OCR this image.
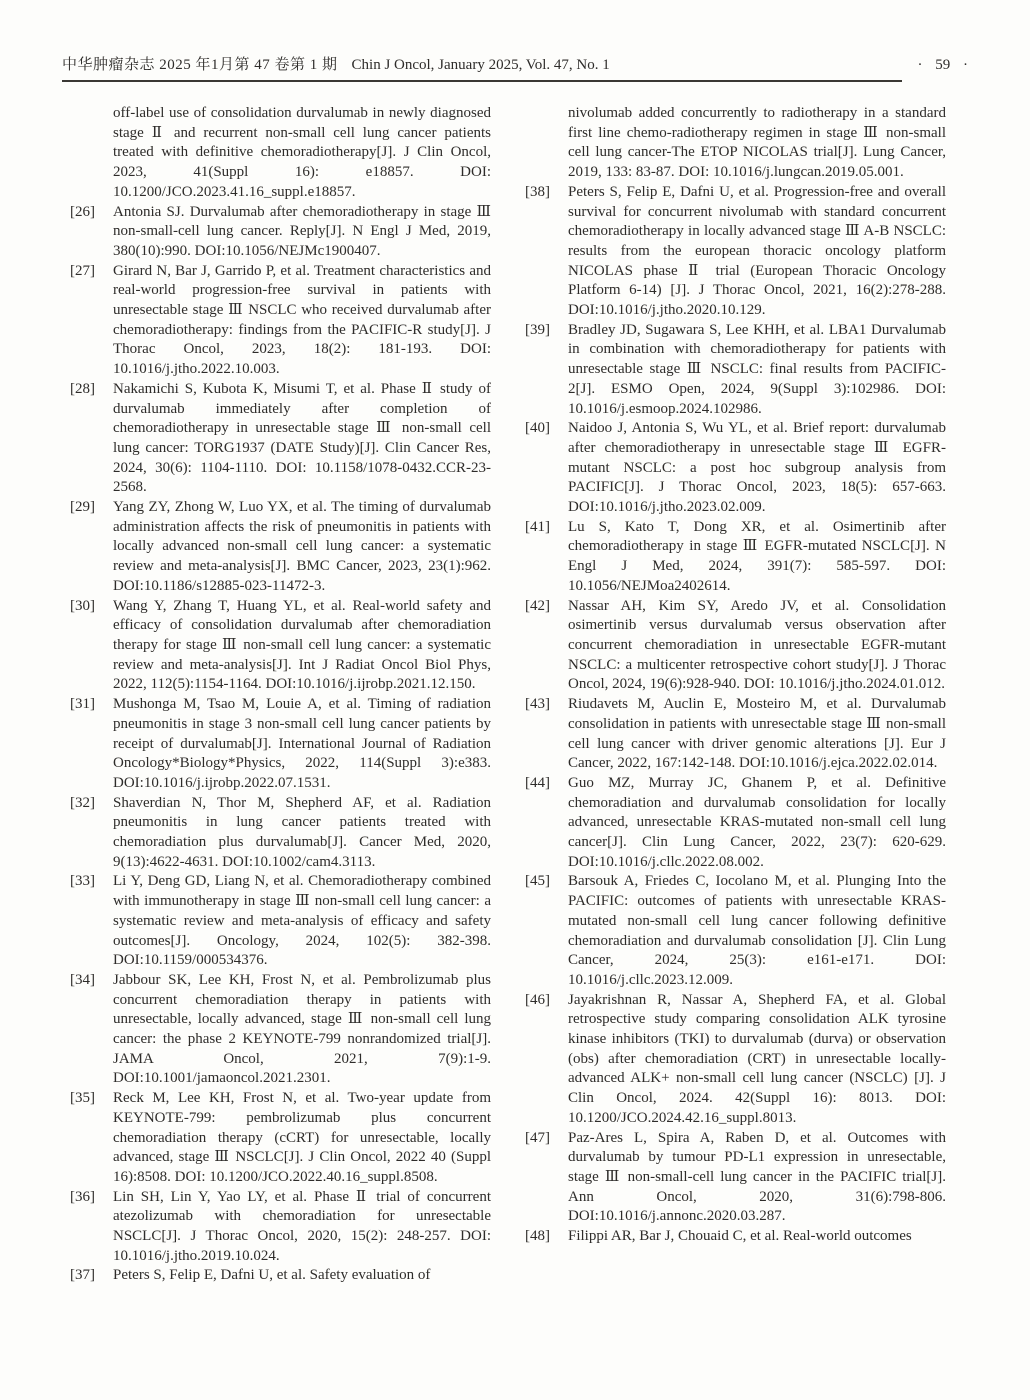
中华肿瘤杂志 2025 年1月第 47 卷第 1 期 Chin J Oncol, January 2025, Vol. 47, No. 1	· 59 ·
off-label use of consolidation durvalumab in newly diagnosed stage Ⅱ and recurrent non-small cell lung cancer patients treated with definitive chemoradiotherapy[J]. J Clin Oncol, 2023, 41(Suppl 16): e18857. DOI: 10.1200/JCO.2023.41.16_suppl.e18857.
[26]	Antonia SJ. Durvalumab after chemoradiotherapy in stage Ⅲ non-small-cell lung cancer. Reply[J]. N Engl J Med, 2019, 380(10):990. DOI:10.1056/NEJMc1900407.
[27]	Girard N, Bar J, Garrido P, et al. Treatment characteristics and real-world progression-free survival in patients with unresectable stage Ⅲ NSCLC who received durvalumab after chemoradiotherapy: findings from the PACIFIC-R study[J]. J Thorac Oncol, 2023, 18(2): 181-193. DOI: 10.1016/j.jtho.2022.10.003.
[28]	Nakamichi S, Kubota K, Misumi T, et al. Phase Ⅱ study of durvalumab immediately after completion of chemoradiotherapy in unresectable stage Ⅲ non-small cell lung cancer: TORG1937 (DATE Study)[J]. Clin Cancer Res, 2024, 30(6): 1104-1110. DOI: 10.1158/1078-0432.CCR-23-2568.
[29]	Yang ZY, Zhong W, Luo YX, et al. The timing of durvalumab administration affects the risk of pneumonitis in patients with locally advanced non-small cell lung cancer: a systematic review and meta-analysis[J]. BMC Cancer, 2023, 23(1):962. DOI:10.1186/s12885-023-11472-3.
[30]	Wang Y, Zhang T, Huang YL, et al. Real-world safety and efficacy of consolidation durvalumab after chemoradiation therapy for stage Ⅲ non-small cell lung cancer: a systematic review and meta-analysis[J]. Int J Radiat Oncol Biol Phys, 2022, 112(5):1154-1164. DOI:10.1016/j.ijrobp.2021.12.150.
[31]	Mushonga M, Tsao M, Louie A, et al. Timing of radiation pneumonitis in stage 3 non-small cell lung cancer patients by receipt of durvalumab[J]. International Journal of Radiation Oncology*Biology*Physics, 2022, 114(Suppl 3):e383. DOI:10.1016/j.ijrobp.2022.07.1531.
[32]	Shaverdian N, Thor M, Shepherd AF, et al. Radiation pneumonitis in lung cancer patients treated with chemoradiation plus durvalumab[J]. Cancer Med, 2020, 9(13):4622-4631. DOI:10.1002/cam4.3113.
[33]	Li Y, Deng GD, Liang N, et al. Chemoradiotherapy combined with immunotherapy in stage Ⅲ non-small cell lung cancer: a systematic review and meta-analysis of efficacy and safety outcomes[J]. Oncology, 2024, 102(5): 382-398. DOI:10.1159/000534376.
[34]	Jabbour SK, Lee KH, Frost N, et al. Pembrolizumab plus concurrent chemoradiation therapy in patients with unresectable, locally advanced, stage Ⅲ non-small cell lung cancer: the phase 2 KEYNOTE-799 nonrandomized trial[J]. JAMA Oncol, 2021, 7(9):1-9. DOI:10.1001/jamaoncol.2021.2301.
[35]	Reck M, Lee KH, Frost N, et al. Two-year update from KEYNOTE-799: pembrolizumab plus concurrent chemoradiation therapy (cCRT) for unresectable, locally advanced, stage Ⅲ NSCLC[J]. J Clin Oncol, 2022 40 (Suppl 16):8508. DOI: 10.1200/JCO.2022.40.16_suppl.8508.
[36]	Lin SH, Lin Y, Yao LY, et al. Phase Ⅱ trial of concurrent atezolizumab with chemoradiation for unresectable NSCLC[J]. J Thorac Oncol, 2020, 15(2): 248-257. DOI: 10.1016/j.jtho.2019.10.024.
[37]	Peters S, Felip E, Dafni U, et al. Safety evaluation of
nivolumab added concurrently to radiotherapy in a standard first line chemo-radiotherapy regimen in stage Ⅲ non-small cell lung cancer-The ETOP NICOLAS trial[J]. Lung Cancer, 2019, 133: 83-87. DOI: 10.1016/j.lungcan.2019.05.001.
[38]	Peters S, Felip E, Dafni U, et al. Progression-free and overall survival for concurrent nivolumab with standard concurrent chemoradiotherapy in locally advanced stage Ⅲ A-B NSCLC: results from the european thoracic oncology platform NICOLAS phase Ⅱ trial (European Thoracic Oncology Platform 6-14) [J]. J Thorac Oncol, 2021, 16(2):278-288. DOI:10.1016/j.jtho.2020.10.129.
[39]	Bradley JD, Sugawara S, Lee KHH, et al. LBA1 Durvalumab in combination with chemoradiotherapy for patients with unresectable stage Ⅲ NSCLC: final results from PACIFIC-2[J]. ESMO Open, 2024, 9(Suppl 3):102986. DOI: 10.1016/j.esmoop.2024.102986.
[40]	Naidoo J, Antonia S, Wu YL, et al. Brief report: durvalumab after chemoradiotherapy in unresectable stage Ⅲ EGFR-mutant NSCLC: a post hoc subgroup analysis from PACIFIC[J]. J Thorac Oncol, 2023, 18(5): 657-663. DOI:10.1016/j.jtho.2023.02.009.
[41]	Lu S, Kato T, Dong XR, et al. Osimertinib after chemoradiotherapy in stage Ⅲ EGFR-mutated NSCLC[J]. N Engl J Med, 2024, 391(7): 585-597. DOI: 10.1056/NEJMoa2402614.
[42]	Nassar AH, Kim SY, Aredo JV, et al. Consolidation osimertinib versus durvalumab versus observation after concurrent chemoradiation in unresectable EGFR-mutant NSCLC: a multicenter retrospective cohort study[J]. J Thorac Oncol, 2024, 19(6):928-940. DOI: 10.1016/j.jtho.2024.01.012.
[43]	Riudavets M, Auclin E, Mosteiro M, et al. Durvalumab consolidation in patients with unresectable stage Ⅲ non-small cell lung cancer with driver genomic alterations [J]. Eur J Cancer, 2022, 167:142-148. DOI:10.1016/j.ejca.2022.02.014.
[44]	Guo MZ, Murray JC, Ghanem P, et al. Definitive chemoradiation and durvalumab consolidation for locally advanced, unresectable KRAS-mutated non-small cell lung cancer[J]. Clin Lung Cancer, 2022, 23(7): 620-629. DOI:10.1016/j.cllc.2022.08.002.
[45]	Barsouk A, Friedes C, Iocolano M, et al. Plunging Into the PACIFIC: outcomes of patients with unresectable KRAS-mutated non-small cell lung cancer following definitive chemoradiation and durvalumab consolidation [J]. Clin Lung Cancer, 2024, 25(3): e161-e171. DOI: 10.1016/j.cllc.2023.12.009.
[46]	Jayakrishnan R, Nassar A, Shepherd FA, et al. Global retrospective study comparing consolidation ALK tyrosine kinase inhibitors (TKI) to durvalumab (durva) or observation (obs) after chemoradiation (CRT) in unresectable locally-advanced ALK+ non-small cell lung cancer (NSCLC) [J]. J Clin Oncol, 2024. 42(Suppl 16): 8013. DOI: 10.1200/JCO.2024.42.16_suppl.8013.
[47]	Paz-Ares L, Spira A, Raben D, et al. Outcomes with durvalumab by tumour PD-L1 expression in unresectable, stage Ⅲ non-small-cell lung cancer in the PACIFIC trial[J]. Ann Oncol, 2020, 31(6):798-806. DOI:10.1016/j.annonc.2020.03.287.
[48]	Filippi AR, Bar J, Chouaid C, et al. Real-world outcomes
